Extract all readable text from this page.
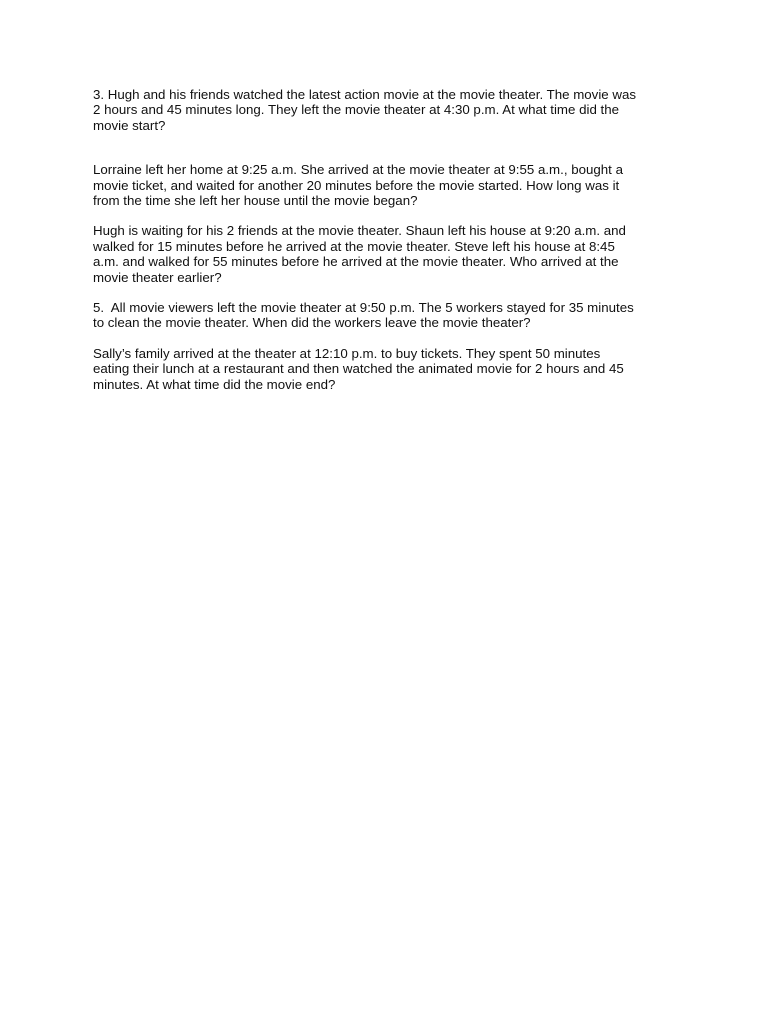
3. Hugh and his friends watched the latest action movie at the movie theater. The movie was
2 hours and 45 minutes long. They left the movie theater at 4:30 p.m. At what time did the
movie start?

Lorraine left her home at 9:25 a.m. She arrived at the movie theater at 9:55 a.m., bought a
movie ticket, and waited for another 20 minutes before the movie started. How long was it
from the time she left her house until the movie began?

Hugh is waiting for his 2 friends at the movie theater. Shaun left his house at 9:20 a.m. and
walked for 15 minutes before he arrived at the movie theater. Steve left his house at 8:45
a.m. and walked for 55 minutes before he arrived at the movie theater. Who arrived at the
movie theater earlier?

5.  All movie viewers left the movie theater at 9:50 p.m. The 5 workers stayed for 35 minutes
to clean the movie theater. When did the workers leave the movie theater?

Sally’s family arrived at the theater at 12:10 p.m. to buy tickets. They spent 50 minutes
eating their lunch at a restaurant and then watched the animated movie for 2 hours and 45
minutes. At what time did the movie end?
